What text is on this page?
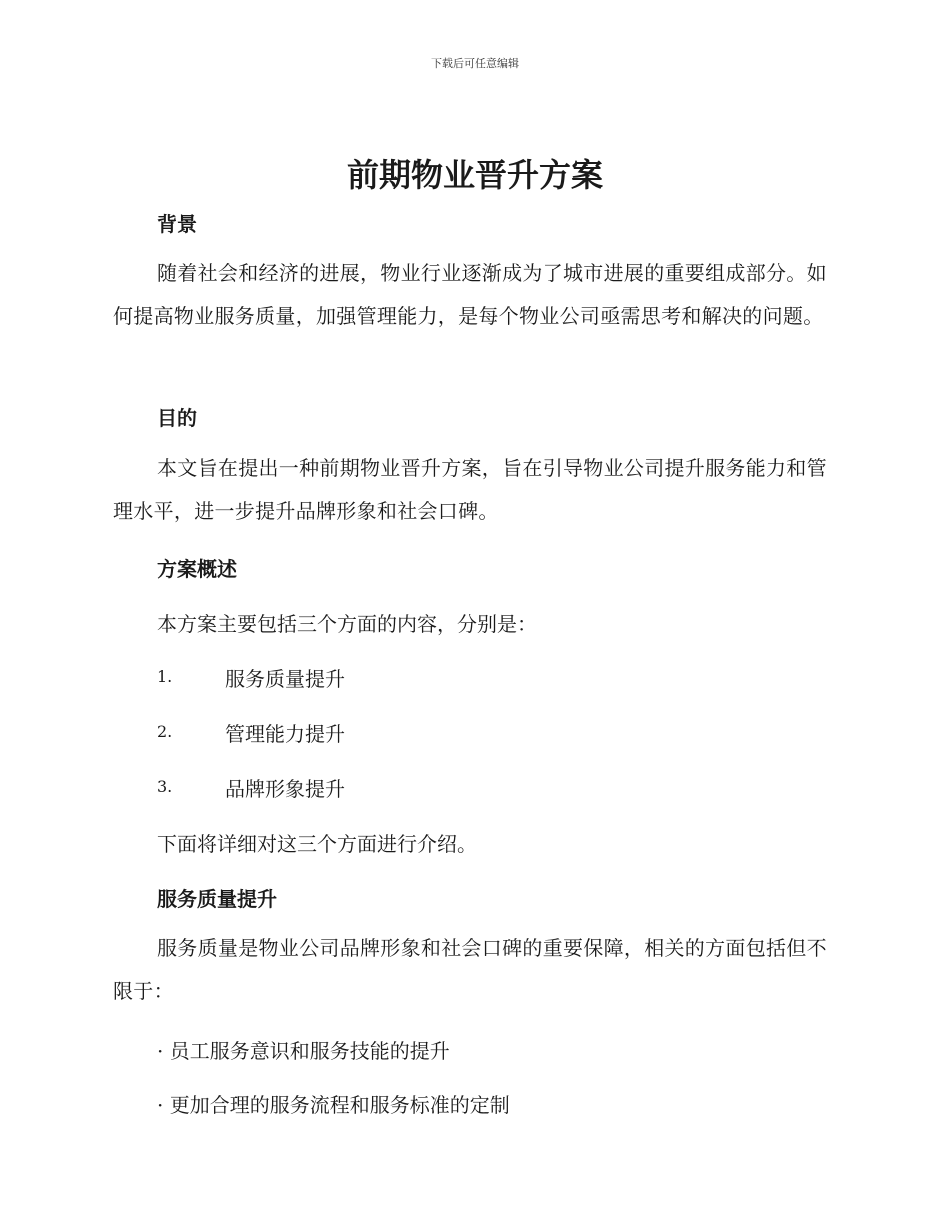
下载后可任意编辑
前期物业晋升方案
背景

随着社会和经济的进展，物业行业逐渐成为了城市进展的重要组成部分。如何提高物业服务质量，加强管理能力，是每个物业公司亟需思考和解决的问题。

目的

本文旨在提出一种前期物业晋升方案，旨在引导物业公司提升服务能力和管理水平，进一步提升品牌形象和社会口碑。

方案概述

本方案主要包括三个方面的内容，分别是：

1.	服务质量提升
2.	管理能力提升
3.	品牌形象提升

下面将详细对这三个方面进行介绍。

服务质量提升

服务质量是物业公司品牌形象和社会口碑的重要保障，相关的方面包括但不限于：

· 员工服务意识和服务技能的提升
· 更加合理的服务流程和服务标准的定制
